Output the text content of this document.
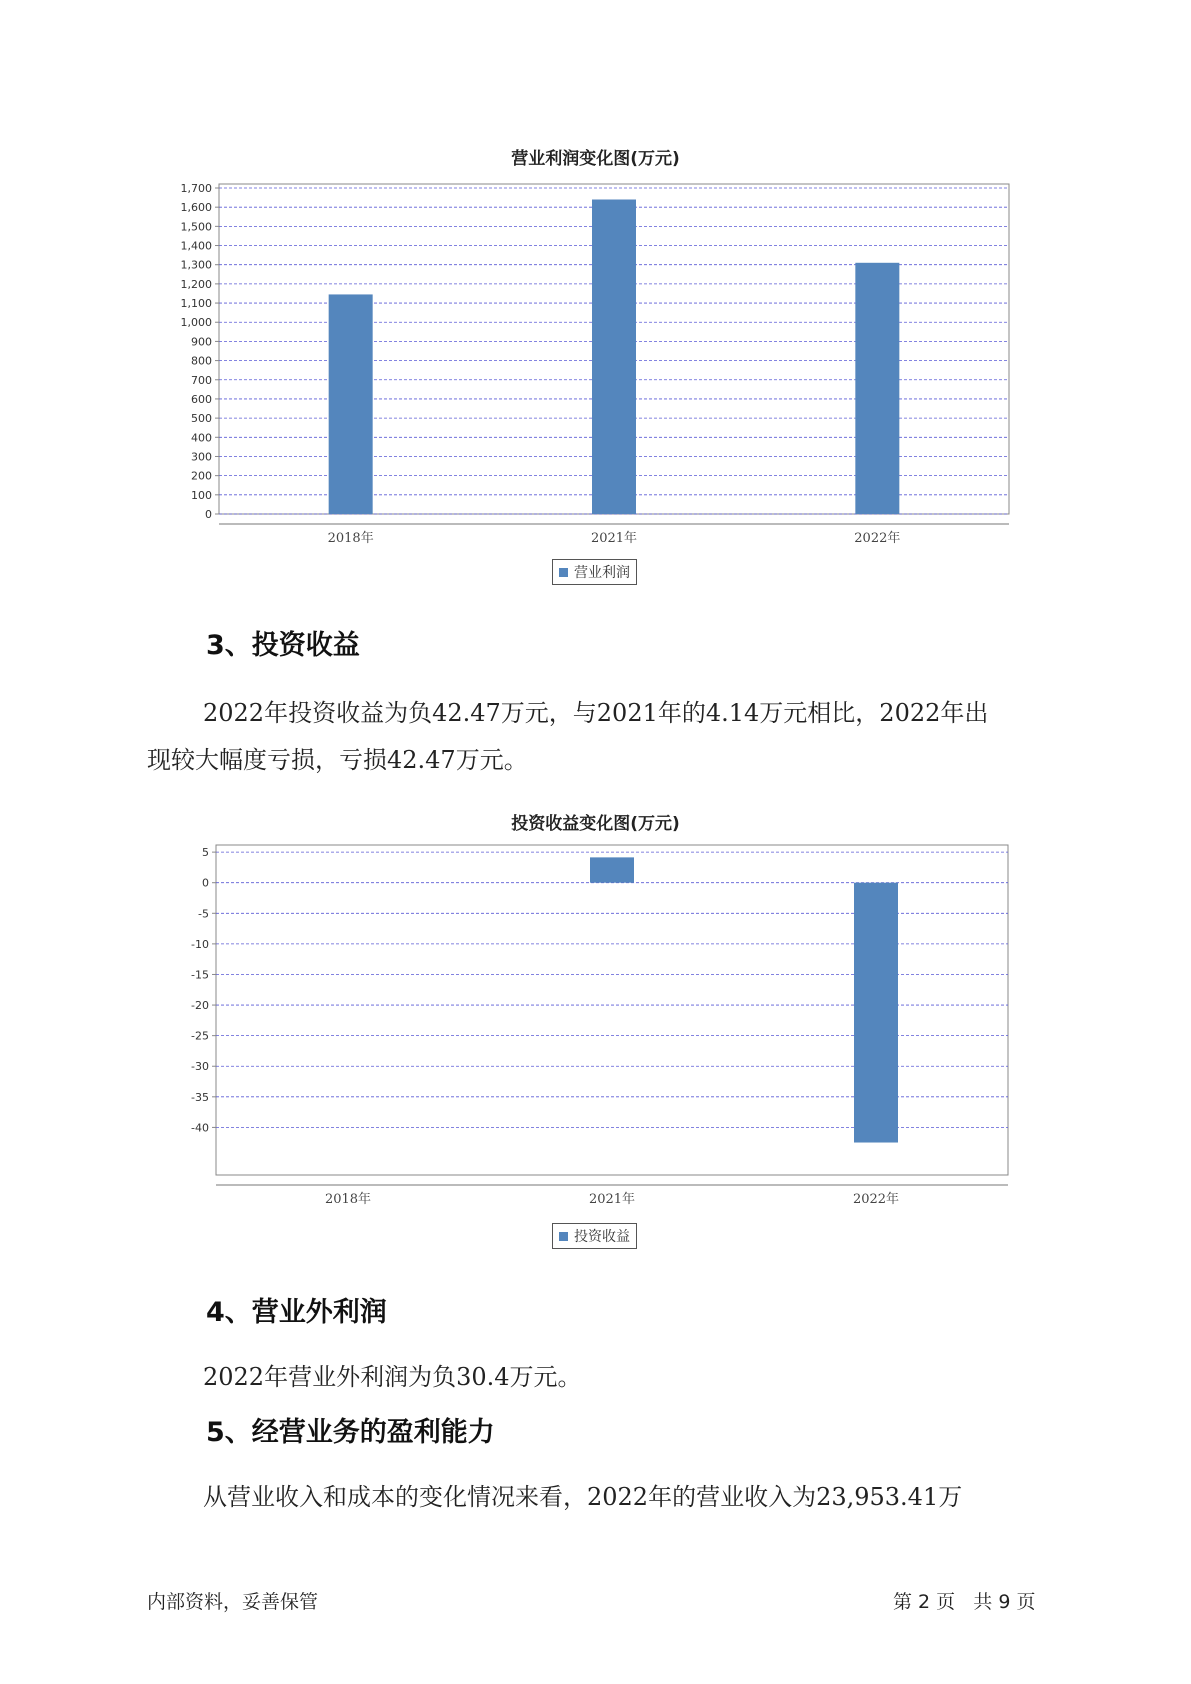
营业利润变化图(万元)
0
100
200
300
400
500
600
700
800
900
1,000
1,100
1,200
1,300
1,400
1,500
1,600
1,700
2018年	2021年	2022年
营业利润
3、投资收益
2022年投资收益为负42.47万元，与2021年的4.14万元相比，2022年出
现较大幅度亏损，亏损42.47万元。
投资收益变化图(万元)
5
0
-5
-10
-15
-20
-25
-30
-35
-40
2018年	2021年	2022年
投资收益
4、营业外利润
2022年营业外利润为负30.4万元。
5、经营业务的盈利能力
从营业收入和成本的变化情况来看，2022年的营业收入为23,953.41万
内部资料，妥善保管	第 2 页   共 9 页
